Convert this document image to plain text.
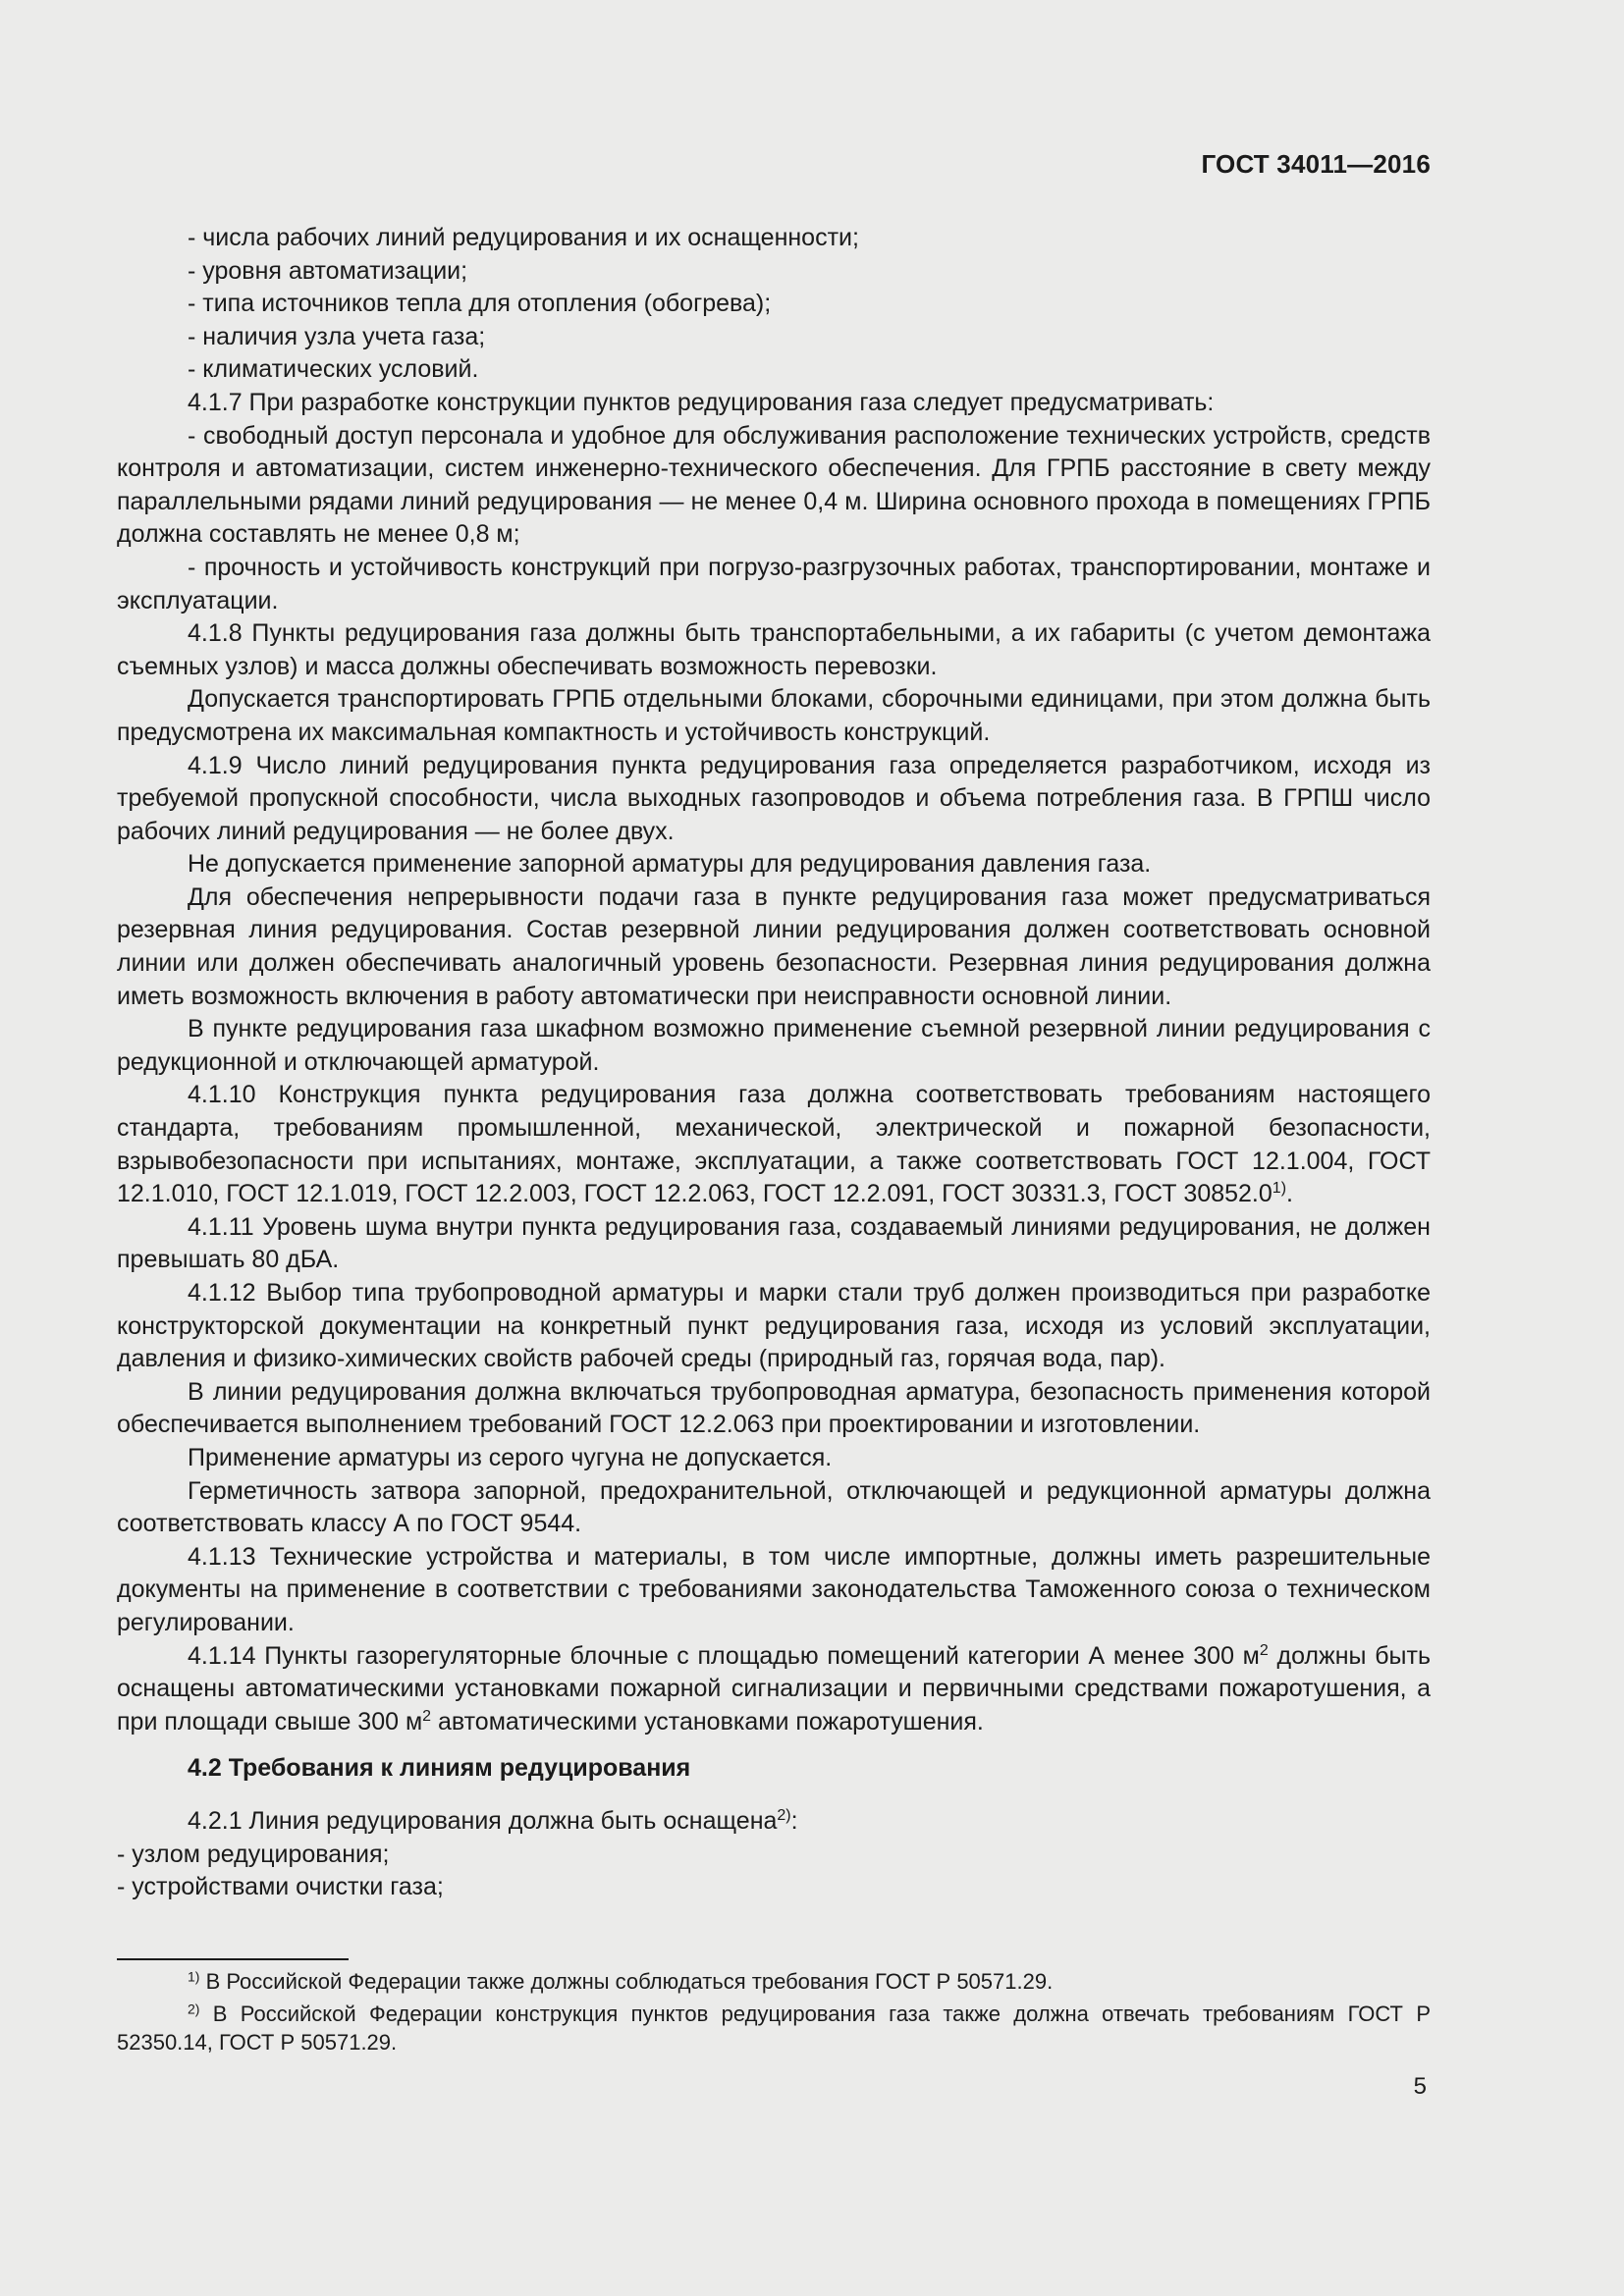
ГОСТ 34011—2016

- числа рабочих линий редуцирования и их оснащенности;

- уровня автоматизации;

- типа источников тепла для отопления (обогрева);

- наличия узла учета газа;

- климатических условий.

4.1.7 При разработке конструкции пунктов редуцирования газа следует предусматривать:

- свободный доступ персонала и удобное для обслуживания расположение технических устройств, средств контроля и автоматизации, систем инженерно-технического обеспечения. Для ГРПБ расстояние в свету между параллельными рядами линий редуцирования — не менее 0,4 м. Ширина основного прохода в помещениях ГРПБ должна составлять не менее 0,8 м;

- прочность и устойчивость конструкций при погрузо-разгрузочных работах, транспортировании, монтаже и эксплуатации.

4.1.8 Пункты редуцирования газа должны быть транспортабельными, а их габариты (с учетом демонтажа съемных узлов) и масса должны обеспечивать возможность перевозки.

Допускается транспортировать ГРПБ отдельными блоками, сборочными единицами, при этом должна быть предусмотрена их максимальная компактность и устойчивость конструкций.

4.1.9 Число линий редуцирования пункта редуцирования газа определяется разработчиком, исходя из требуемой пропускной способности, числа выходных газопроводов и объема потребления газа. В ГРПШ число рабочих линий редуцирования — не более двух.

Не допускается применение запорной арматуры для редуцирования давления газа.

Для обеспечения непрерывности подачи газа в пункте редуцирования газа может предусматриваться резервная линия редуцирования. Состав резервной линии редуцирования должен соответствовать основной линии или должен обеспечивать аналогичный уровень безопасности. Резервная линия редуцирования должна иметь возможность включения в работу автоматически при неисправности основной линии.

В пункте редуцирования газа шкафном возможно применение съемной резервной линии редуцирования с редукционной и отключающей арматурой.

4.1.10 Конструкция пункта редуцирования газа должна соответствовать требованиям настоящего стандарта, требованиям промышленной, механической, электрической и пожарной безопасности, взрывобезопасности при испытаниях, монтаже, эксплуатации, а также соответствовать ГОСТ 12.1.004, ГОСТ 12.1.010, ГОСТ 12.1.019, ГОСТ 12.2.003, ГОСТ 12.2.063, ГОСТ 12.2.091, ГОСТ 30331.3, ГОСТ 30852.0$^{1)}$.

4.1.11 Уровень шума внутри пункта редуцирования газа, создаваемый линиями редуцирования, не должен превышать 80 дБА.

4.1.12 Выбор типа трубопроводной арматуры и марки стали труб должен производиться при разработке конструкторской документации на конкретный пункт редуцирования газа, исходя из условий эксплуатации, давления и физико-химических свойств рабочей среды (природный газ, горячая вода, пар).

В линии редуцирования должна включаться трубопроводная арматура, безопасность применения которой обеспечивается выполнением требований ГОСТ 12.2.063 при проектировании и изготовлении.

Применение арматуры из серого чугуна не допускается.

Герметичность затвора запорной, предохранительной, отключающей и редукционной арматуры должна соответствовать классу А по ГОСТ 9544.

4.1.13 Технические устройства и материалы, в том числе импортные, должны иметь разрешительные документы на применение в соответствии с требованиями законодательства Таможенного союза о техническом регулировании.

4.1.14 Пункты газорегуляторные блочные с площадью помещений категории А менее 300 $м^2$ должны быть оснащены автоматическими установками пожарной сигнализации и первичными средствами пожаротушения, а при площади свыше 300 $м^2$ автоматическими установками пожаротушения.

4.2 Требования к линиям редуцирования

4.2.1 Линия редуцирования должна быть оснащена$^{2)}$:

- узлом редуцирования;

- устройствами очистки газа;

$^{1)}$ В Российской Федерации также должны соблюдаться требования ГОСТ Р 50571.29.

$^{2)}$ В Российской Федерации конструкция пунктов редуцирования газа также должна отвечать требованиям ГОСТ Р 52350.14, ГОСТ Р 50571.29.

5
